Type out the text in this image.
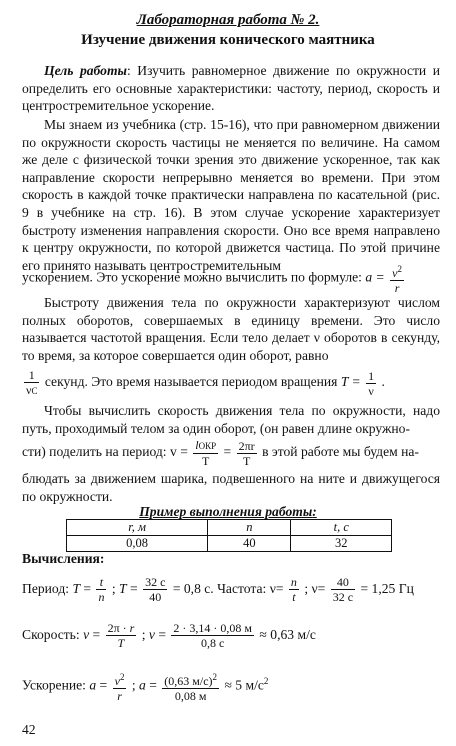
Лабораторная работа № 2.
Изучение движения конического маятника
Цель работы: Изучить равномерное движение по окружности и определить его основные характеристики: частоту, период, скорость и центростремительное ускорение.
Мы знаем из учебника (стр. 15-16), что при равномерном движении по окружности скорость частицы не меняется по величине. На самом же деле с физической точки зрения это движение ускоренное, так как направление скорости непрерывно меняется во времени. При этом скорость в каждой точке практически направлена по касательной (рис. 9 в учебнике на стр. 16). В этом случае ускорение характеризует быстроту изменения направления скорости. Оно все время направлено к центру окружности, по которой движется частица. По этой причине его принято называть центростремительным
ускорением. Это ускорение можно вычислить по формуле: $a = \frac{v^2}{r}$
Быстроту движения тела по окружности характеризуют числом полных оборотов, совершаемых в единицу времени. Это число называется частотой вращения. Если тело делает ν оборотов в секунду, то время, за которое совершается один оборот, равно
$\frac{1}{\nu С}$ секунд. Это время называется периодом вращения $T = \frac{1}{\nu}$ .
Чтобы вычислить скорость движения тела по окружности, надо путь, проходимый телом за один оборот, (он равен длине окружно-
сти) поделить на период: $v = \frac{\text{lОКР}}{Т} = \frac{2\pi r}{Т}$ в этой работе мы будем на-
блюдать за движением шарика, подвешенного на ните и движущегося по окружности.
Пример выполнения работы:
r, м	n	t, с
0,08	40	32
Вычисления:
Период: $T = \frac{t}{n}$ ; $T = \frac{32 с}{40} = 0,8$ с. Частота: $\nu= \frac{n}{t}$ ; $\nu= \frac{40}{32 с} = 1,25$ Гц
Скорость: $v = \frac{2\pi \cdot r}{T}$ ; $v = \frac{2 \cdot 3,14 \cdot 0,08 м}{0,8 с} \approx 0,63$ м/с
Ускорение: $a = \frac{v^2}{r}$ ; $a = \frac{(0,63 м/с)^2}{0,08 м} \approx 5$ $м/с^2$
42
